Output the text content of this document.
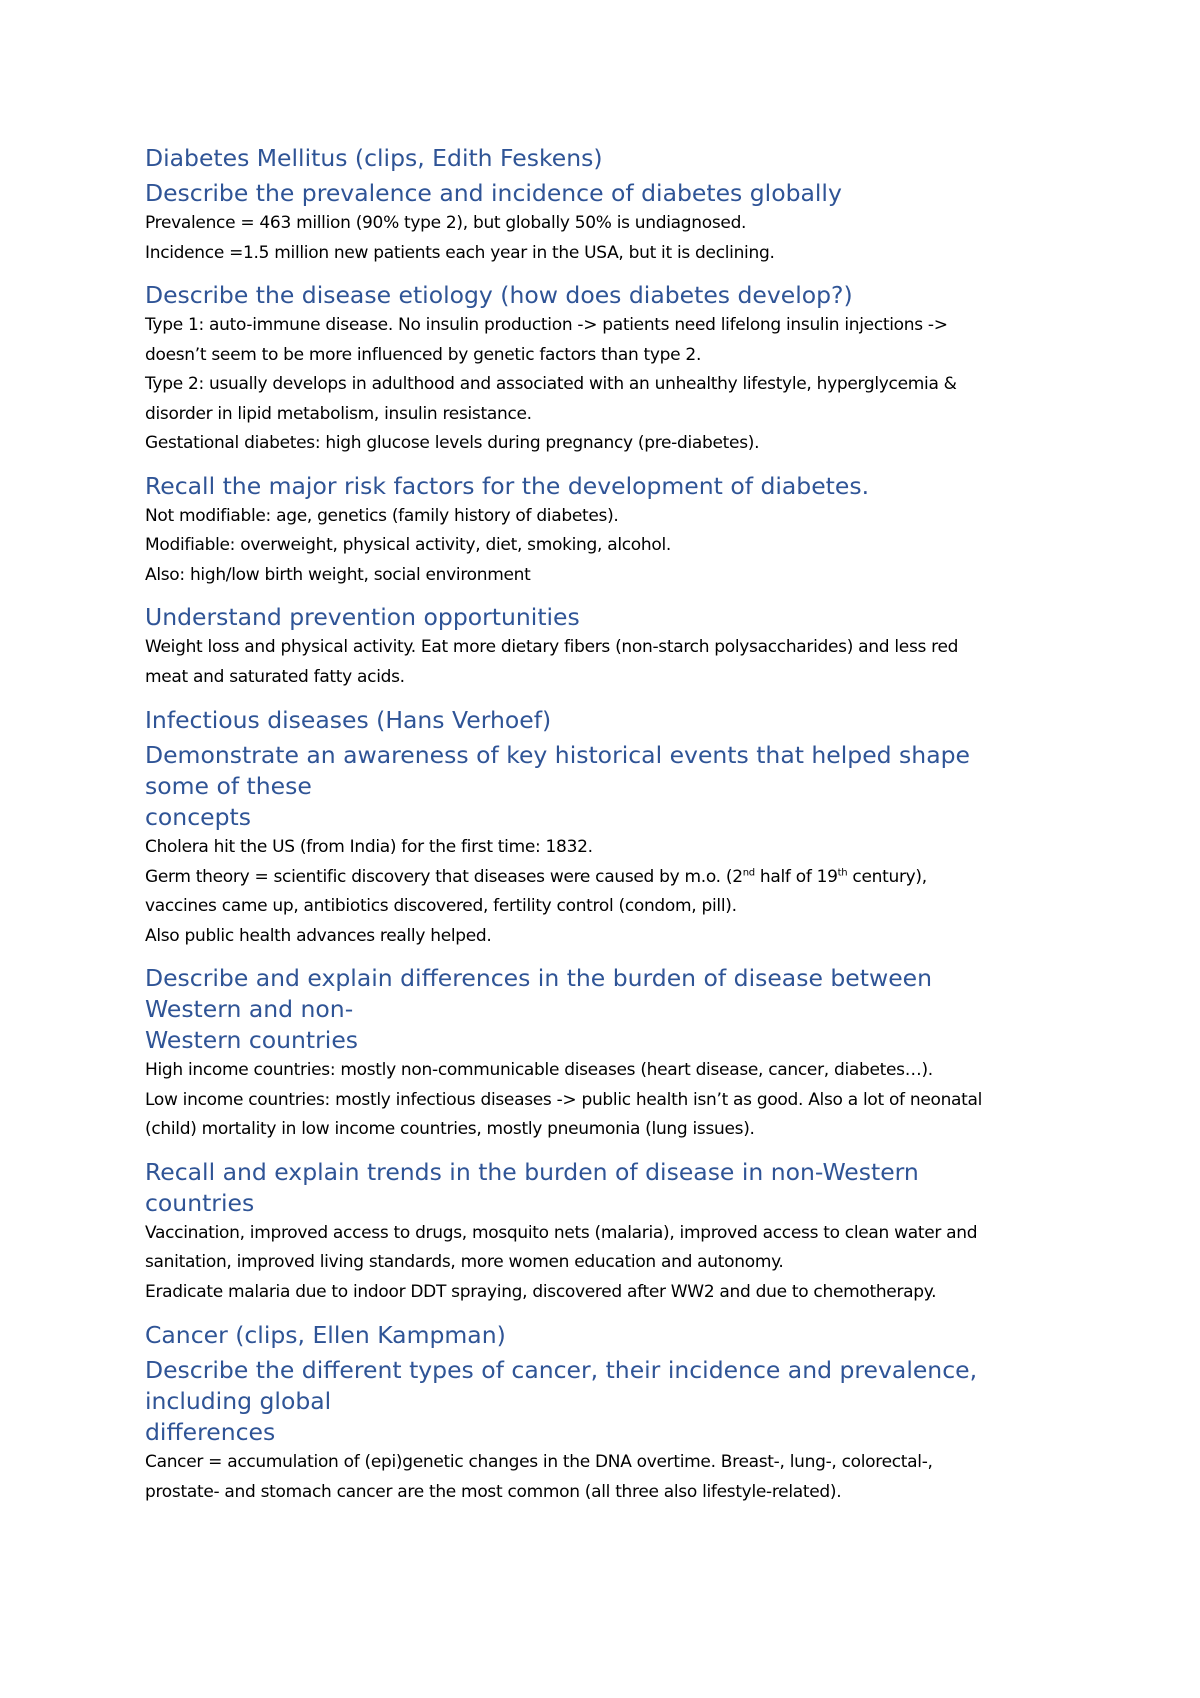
Diabetes Mellitus (clips, Edith Feskens)
Describe the prevalence and incidence of diabetes globally

Prevalence = 463 million (90% type 2), but globally 50% is undiagnosed.

Incidence =1.5 million new patients each year in the USA, but it is declining.

Describe the disease etiology (how does diabetes develop?)

Type 1: auto-immune disease. No insulin production -> patients need lifelong insulin injections ->

doesn’t seem to be more influenced by genetic factors than type 2.

Type 2: usually develops in adulthood and associated with an unhealthy lifestyle, hyperglycemia &

disorder in lipid metabolism, insulin resistance.

Gestational diabetes: high glucose levels during pregnancy (pre-diabetes).

Recall the major risk factors for the development of diabetes.

Not modifiable: age, genetics (family history of diabetes).

Modifiable: overweight, physical activity, diet, smoking, alcohol.

Also: high/low birth weight, social environment

Understand prevention opportunities

Weight loss and physical activity. Eat more dietary fibers (non-starch polysaccharides) and less red

meat and saturated fatty acids.

Infectious diseases (Hans Verhoef)
Demonstrate an awareness of key historical events that helped shape
some of these
concepts

Cholera hit the US (from India) for the first time: 1832.

Germ theory = scientific discovery that diseases were caused by m.o. (2nd half of 19th century),

vaccines came up, antibiotics discovered, fertility control (condom, pill).

Also public health advances really helped.

Describe and explain differences in the burden of disease between
Western and non-
Western countries

High income countries: mostly non-communicable diseases (heart disease, cancer, diabetes…).

Low income countries: mostly infectious diseases -> public health isn’t as good. Also a lot of neonatal

(child) mortality in low income countries, mostly pneumonia (lung issues).

Recall and explain trends in the burden of disease in non-Western
countries

Vaccination, improved access to drugs, mosquito nets (malaria), improved access to clean water and

sanitation, improved living standards, more women education and autonomy.

Eradicate malaria due to indoor DDT spraying, discovered after WW2 and due to chemotherapy.

Cancer (clips, Ellen Kampman)
Describe the different types of cancer, their incidence and prevalence,
including global
differences

Cancer = accumulation of (epi)genetic changes in the DNA overtime. Breast-, lung-, colorectal-,

prostate- and stomach cancer are the most common (all three also lifestyle-related).
